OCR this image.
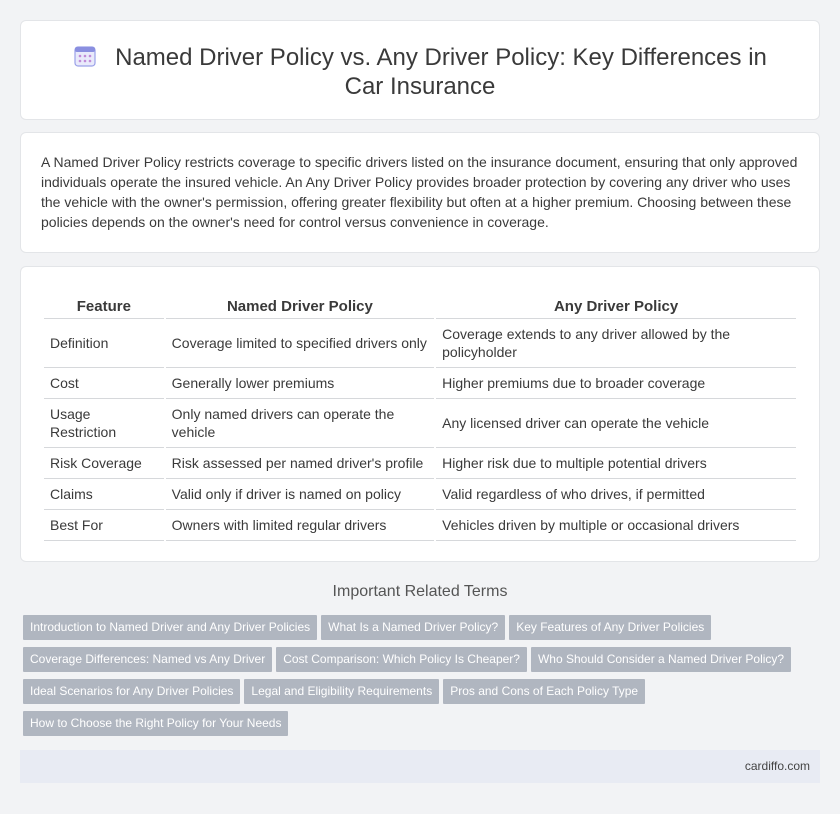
Named Driver Policy vs. Any Driver Policy: Key Differences in Car Insurance

A Named Driver Policy restricts coverage to specific drivers listed on the insurance document, ensuring that only approved individuals operate the insured vehicle. An Any Driver Policy provides broader protection by covering any driver who uses the vehicle with the owner's permission, offering greater flexibility but often at a higher premium. Choosing between these policies depends on the owner's need for control versus convenience in coverage.

Feature	Named Driver Policy	Any Driver Policy
Definition	Coverage limited to specified drivers only	Coverage extends to any driver allowed by the policyholder
Cost	Generally lower premiums	Higher premiums due to broader coverage
Usage Restriction	Only named drivers can operate the vehicle	Any licensed driver can operate the vehicle
Risk Coverage	Risk assessed per named driver's profile	Higher risk due to multiple potential drivers
Claims	Valid only if driver is named on policy	Valid regardless of who drives, if permitted
Best For	Owners with limited regular drivers	Vehicles driven by multiple or occasional drivers
Important Related Terms
Introduction to Named Driver and Any Driver Policies What Is a Named Driver Policy? Key Features of Any Driver Policies
Coverage Differences: Named vs Any Driver Cost Comparison: Which Policy Is Cheaper? Who Should Consider a Named Driver Policy?
Ideal Scenarios for Any Driver Policies Legal and Eligibility Requirements Pros and Cons of Each Policy Type
How to Choose the Right Policy for Your Needs
cardiffo.com
